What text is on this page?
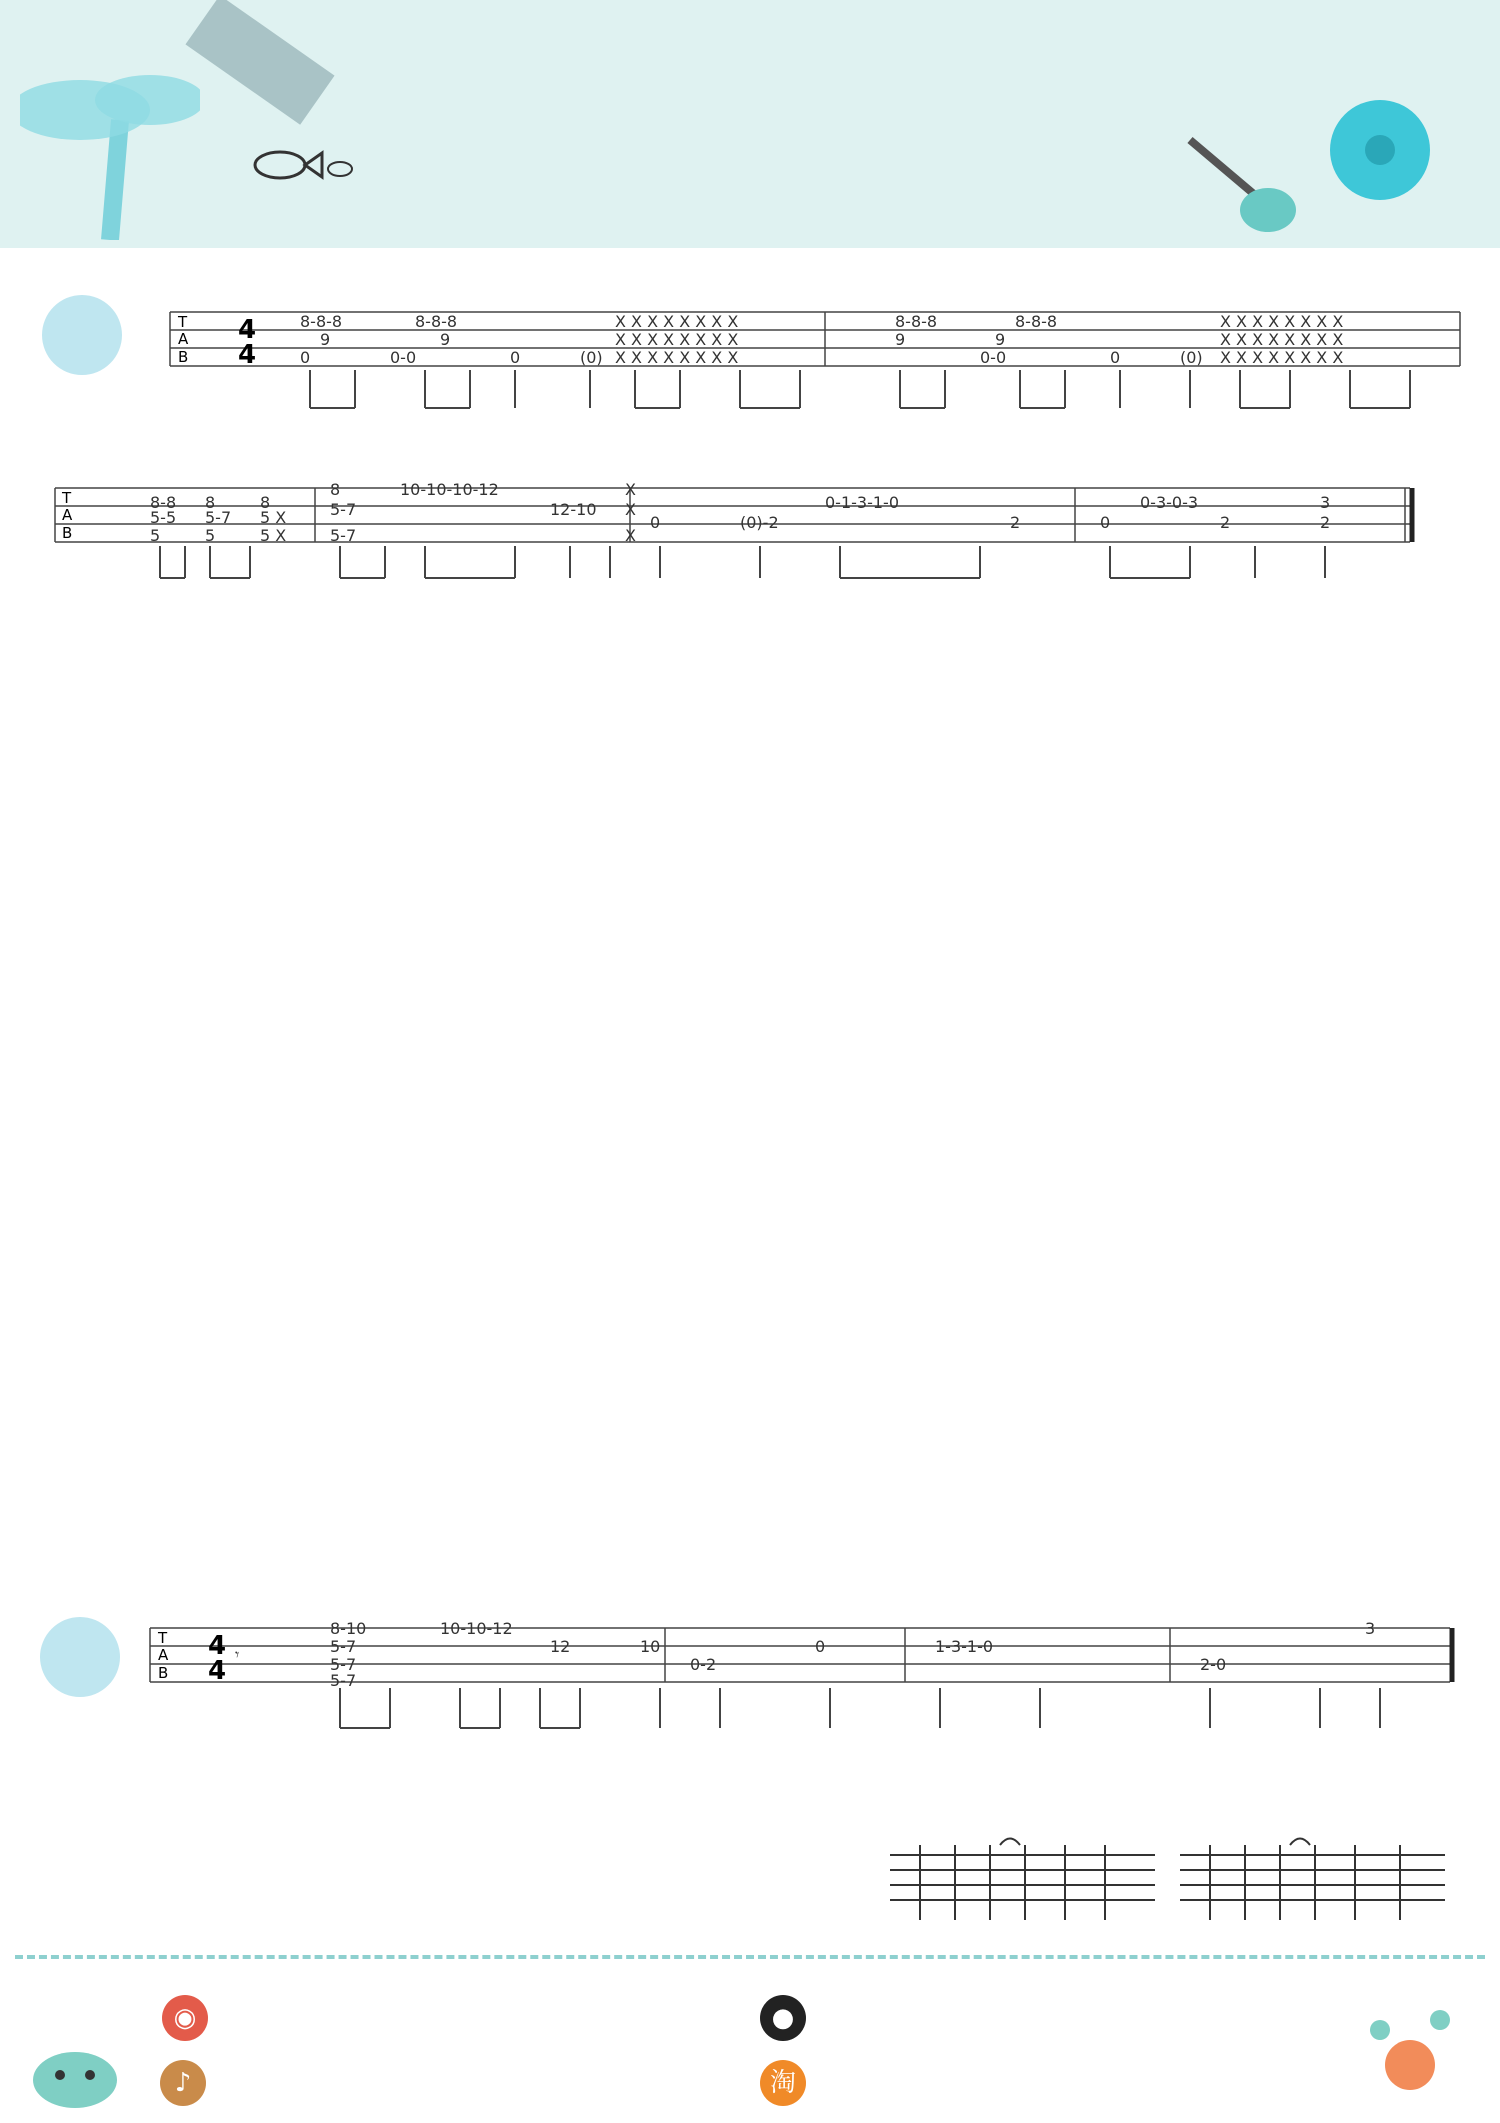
T
A
B
4
4
8-8-8
9
0	0-0
8-8-8
9
0	(0)
X X X X X X X X
X X X X X X X X
X X X X X X X X
8-8-8
9	9
0-0
8-8-8
0	(0)
X X X X X X X X
X X X X X X X X
X X X X X X X X
T
A
B
8-8
5-5
5
8
5-7
5
8
5 X
5 X
8
5-7
5-7
10-10-10-12
12-10
X
X
X
0	(0)-2
0-1-3-1-0
2	0
0-3-0-3
2
3
2
T
A
B
4
4
𝄾
8-10
5-7
5-7
5-7
10-10-12
12	10
0-2
0	1-3-1-0
2-0
3
◉
♪
●
淘
